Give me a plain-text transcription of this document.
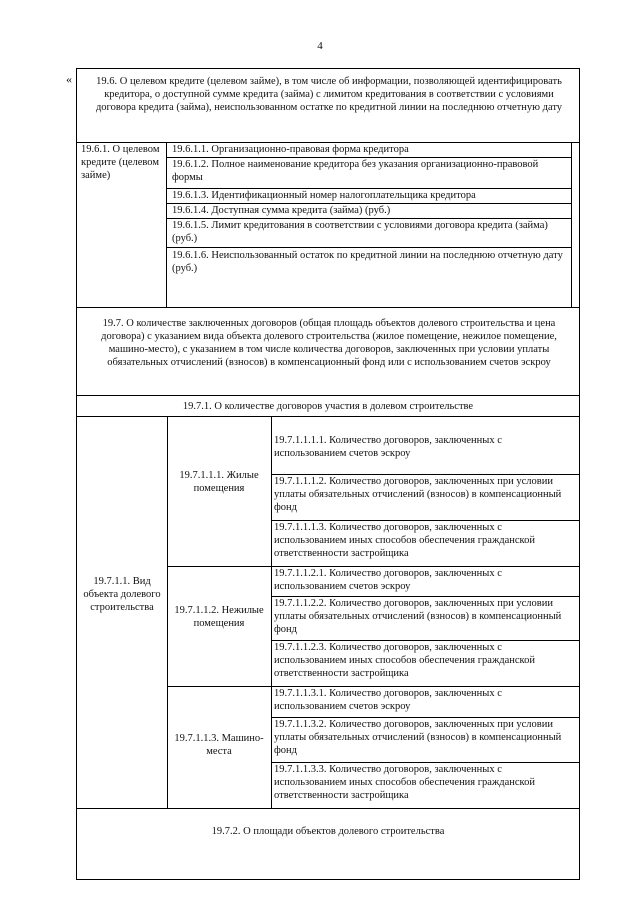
4
« 19.6. О целевом кредите (целевом займе), в том числе об информации, позволяющей идентифицировать кредитора, о доступной сумме кредита (займа) с лимитом кредитования в соответствии с условиями договора кредита (займа), неиспользованном остатке по кредитной линии на последнюю отчетную дату
19.6.1. О целевом кредите (целевом займе)
19.6.1.1. Организационно-правовая форма кредитора
19.6.1.2. Полное наименование кредитора без указания организационно-правовой формы
19.6.1.3. Идентификационный номер налогоплательщика кредитора
19.6.1.4. Доступная сумма кредита (займа) (руб.)
19.6.1.5. Лимит кредитования в соответствии с условиями договора кредита (займа) (руб.)
19.6.1.6. Неиспользованный остаток по кредитной линии на последнюю отчетную дату (руб.)
19.7. О количестве заключенных договоров (общая площадь объектов долевого строительства и цена договора) с указанием вида объекта долевого строительства (жилое помещение, нежилое помещение, машино-место), с указанием в том числе количества договоров, заключенных при условии уплаты обязательных отчислений (взносов) в компенсационный фонд или с использованием счетов эскроу
19.7.1. О количестве договоров участия в долевом строительстве
19.7.1.1. Вид объекта долевого строительства
19.7.1.1.1. Жилые помещения
19.7.1.1.2. Нежилые помещения
19.7.1.1.3. Машино-места
19.7.1.1.1.1. Количество договоров, заключенных с использованием счетов эскроу
19.7.1.1.1.2. Количество договоров, заключенных при условии уплаты обязательных отчислений (взносов) в компенсационный фонд
19.7.1.1.1.3. Количество договоров, заключенных с использованием иных способов обеспечения гражданской ответственности застройщика
19.7.1.1.2.1. Количество договоров, заключенных с использованием счетов эскроу
19.7.1.1.2.2. Количество договоров, заключенных при условии уплаты обязательных отчислений (взносов) в компенсационный фонд
19.7.1.1.2.3. Количество договоров, заключенных с использованием иных способов обеспечения гражданской ответственности застройщика
19.7.1.1.3.1. Количество договоров, заключенных с использованием счетов эскроу
19.7.1.1.3.2. Количество договоров, заключенных при условии уплаты обязательных отчислений (взносов) в компенсационный фонд
19.7.1.1.3.3. Количество договоров, заключенных с использованием иных способов обеспечения гражданской ответственности застройщика
19.7.2. О площади объектов долевого строительства
